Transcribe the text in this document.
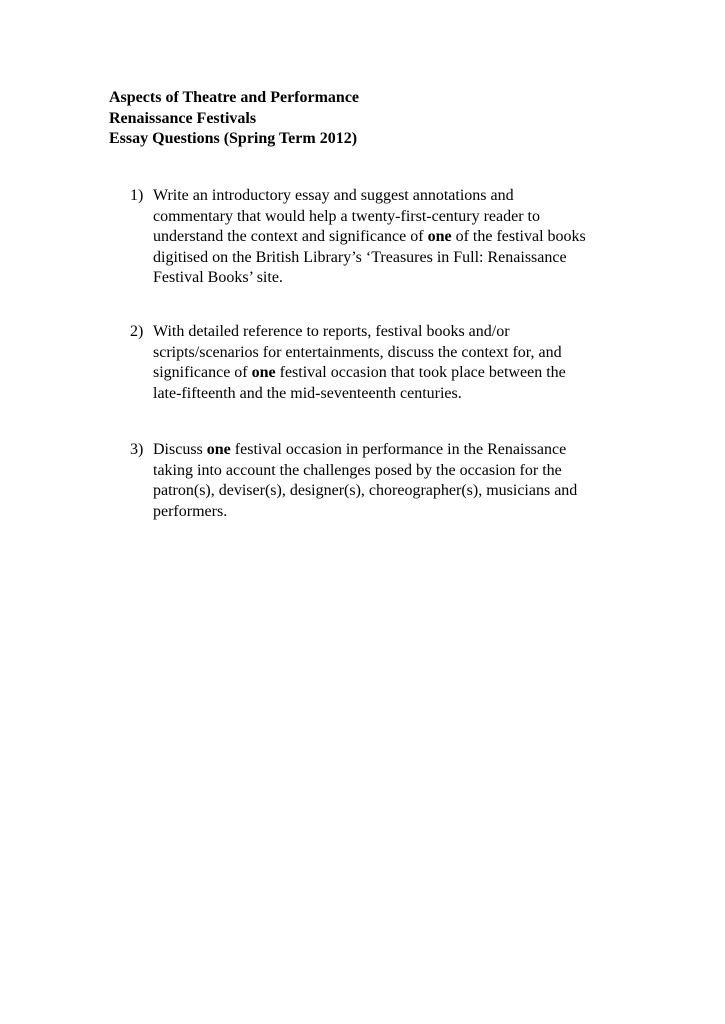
Aspects of Theatre and Performance
Renaissance Festivals
Essay Questions (Spring Term 2012)
1) Write an introductory essay and suggest annotations and
commentary that would help a twenty-first-century reader to
understand the context and significance of one of the festival books
digitised on the British Library’s ‘Treasures in Full: Renaissance
Festival Books’ site.
2) With detailed reference to reports, festival books and/or
scripts/scenarios for entertainments, discuss the context for, and
significance of one festival occasion that took place between the
late-fifteenth and the mid-seventeenth centuries.
3) Discuss one festival occasion in performance in the Renaissance
taking into account the challenges posed by the occasion for the
patron(s), deviser(s), designer(s), choreographer(s), musicians and
performers.
